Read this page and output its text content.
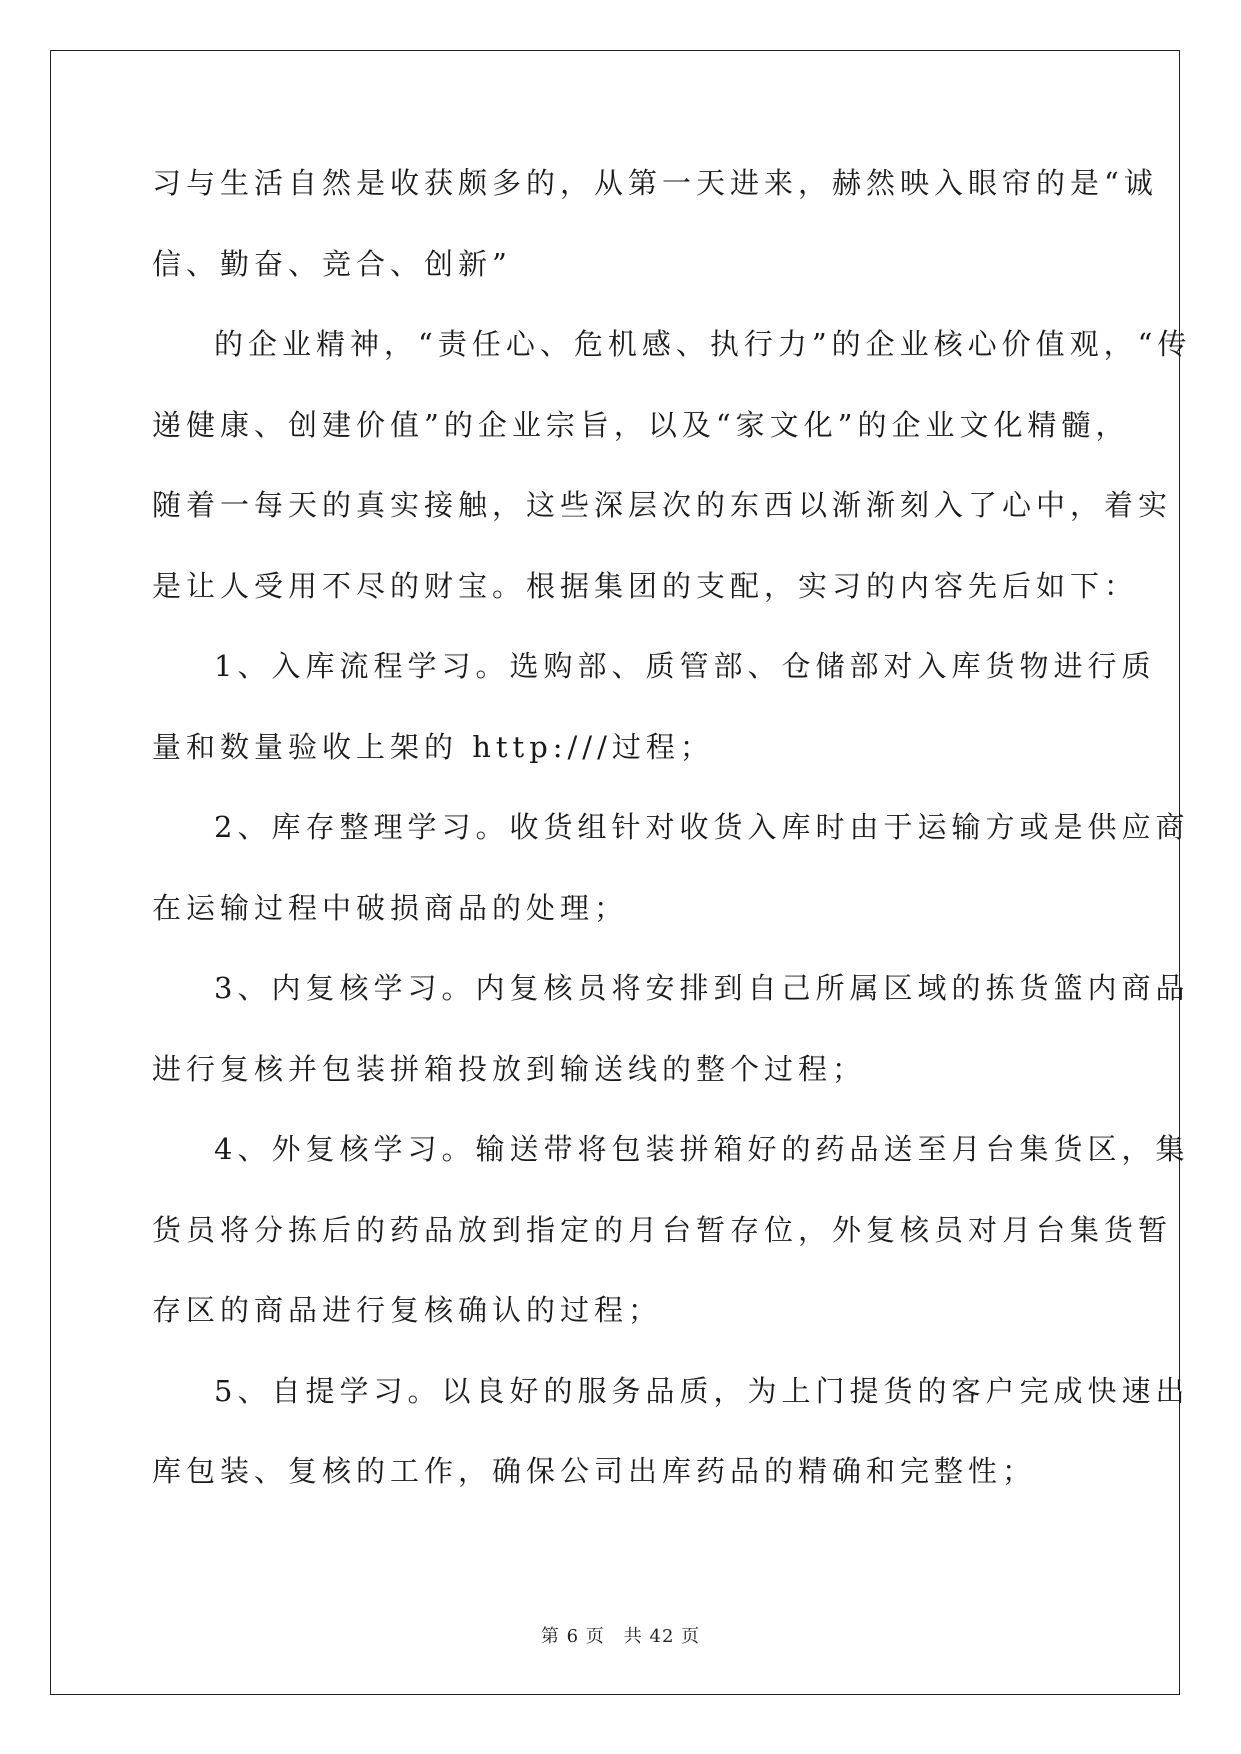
习与生活自然是收获颇多的，从第一天进来，赫然映入眼帘的是“诚
信、勤奋、竞合、创新”
的企业精神，“责任心、危机感、执行力”的企业核心价值观，“传
递健康、创建价值”的企业宗旨，以及“家文化”的企业文化精髓，
随着一每天的真实接触，这些深层次的东西以渐渐刻入了心中，着实
是让人受用不尽的财宝。根据集团的支配，实习的内容先后如下：
1、入库流程学习。选购部、质管部、仓储部对入库货物进行质
量和数量验收上架的 http:///过程；
2、库存整理学习。收货组针对收货入库时由于运输方或是供应商
在运输过程中破损商品的处理；
3、内复核学习。内复核员将安排到自己所属区域的拣货篮内商品
进行复核并包装拼箱投放到输送线的整个过程；
4、外复核学习。输送带将包装拼箱好的药品送至月台集货区，集
货员将分拣后的药品放到指定的月台暂存位，外复核员对月台集货暂
存区的商品进行复核确认的过程；
5、自提学习。以良好的服务品质，为上门提货的客户完成快速出
库包装、复核的工作，确保公司出库药品的精确和完整性；
第 6 页　共 42 页
